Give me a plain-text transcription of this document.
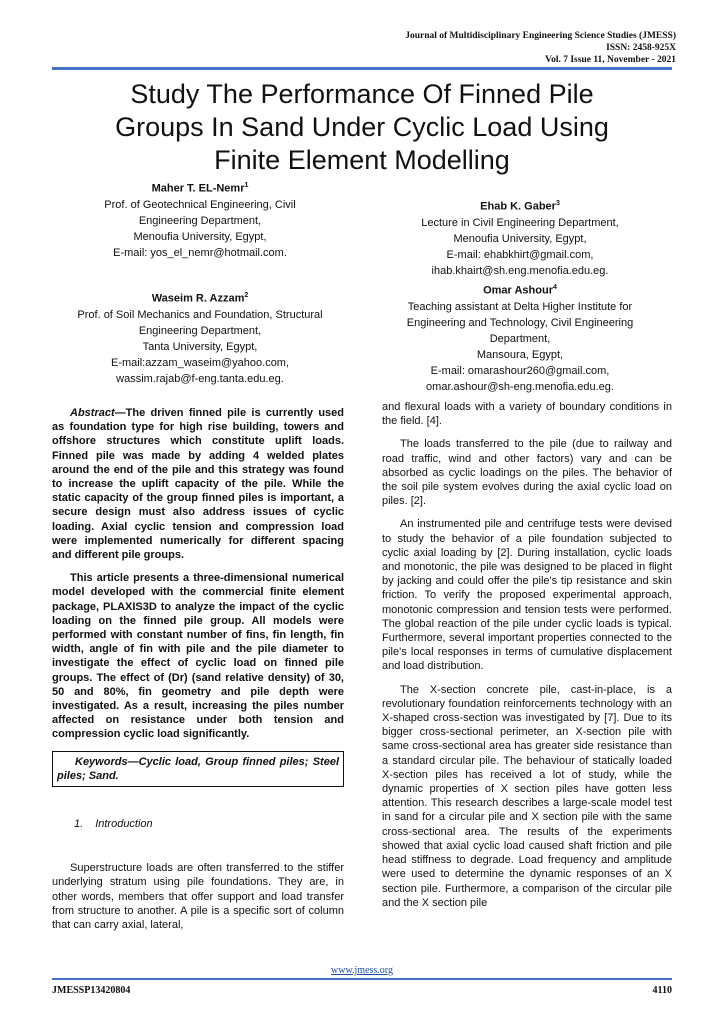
Journal of Multidisciplinary Engineering Science Studies (JMESS)
ISSN: 2458-925X
Vol. 7 Issue 11, November - 2021
Study The Performance Of Finned Pile
Groups In Sand Under Cyclic Load Using
Finite Element Modelling
Maher T. EL-Nemr$^1$
Prof. of Geotechnical Engineering, Civil
Engineering Department,
Menoufia University, Egypt,
E-mail: yos_el_nemr@hotmail.com.
Waseim R. Azzam$^2$
Prof. of Soil Mechanics and Foundation, Structural
Engineering Department,
Tanta University, Egypt,
E-mail:azzam_waseim@yahoo.com,
wassim.rajab@f-eng.tanta.edu.eg.
Ehab K. Gaber$^3$
Lecture in Civil Engineering Department,
Menoufia University, Egypt,
E-mail: ehabkhirt@gmail.com,
ihab.khairt@sh.eng.menofia.edu.eg.
Omar Ashour$^4$
Teaching assistant at Delta Higher Institute for
Engineering and Technology, Civil Engineering
Department,
Mansoura, Egypt,
E-mail: omarashour260@gmail.com,
omar.ashour@sh-eng.menofia.edu.eg.

Abstract—The driven finned pile is currently used as foundation type for high rise building, towers and offshore structures which constitute uplift loads. Finned pile was made by adding 4 welded plates around the end of the pile and this strategy was found to increase the uplift capacity of the pile. While the static capacity of the group finned piles is important, a secure design must also address issues of cyclic loading. Axial cyclic tension and compression load were implemented numerically for different spacing and different pile groups.

This article presents a three-dimensional numerical model developed with the commercial finite element package, PLAXIS3D to analyze the impact of the cyclic loading on the finned pile group. All models were performed with constant number of fins, fin length, fin width, angle of fin with pile and the pile diameter to investigate the effect of cyclic load on finned pile groups. The effect of (Dr) (sand relative density) of 30, 50 and 80%, fin geometry and pile depth were investigated. As a result, increasing the piles number affected on resistance under both tension and compression cyclic load significantly.

Keywords—Cyclic load, Group finned piles; Steel piles; Sand.
1. Introduction

Superstructure loads are often transferred to the stiffer underlying stratum using pile foundations. They are, in other words, members that offer support and load transfer from structure to another. A pile is a specific sort of column that can carry axial, lateral,

and flexural loads with a variety of boundary conditions in the field. [4].

The loads transferred to the pile (due to railway and road traffic, wind and other factors) vary and can be absorbed as cyclic loadings on the piles. The behavior of the soil pile system evolves during the axial cyclic load on piles. [2].

An instrumented pile and centrifuge tests were devised to study the behavior of a pile foundation subjected to cyclic axial loading by [2]. During installation, cyclic loads and monotonic, the pile was designed to be placed in flight by jacking and could offer the pile's tip resistance and skin friction. To verify the proposed experimental approach, monotonic compression and tension tests were performed. The global reaction of the pile under cyclic loads is typical. Furthermore, several important properties connected to the pile's local responses in terms of cumulative displacement and load distribution.

The X-section concrete pile, cast-in-place, is a revolutionary foundation reinforcements technology with an X-shaped cross-section was investigated by [7]. Due to its bigger cross-sectional perimeter, an X-section pile with same cross-sectional area has greater side resistance than a standard circular pile. The behaviour of statically loaded X-section piles has received a lot of study, while the dynamic properties of X section piles have gotten less attention. This research describes a large-scale model test in sand for a circular pile and X section pile with the same cross-sectional area. The results of the experiments showed that axial cyclic load caused shaft friction and pile head stiffness to degrade. Load frequency and amplitude were used to determine the dynamic responses of an X section pile. Furthermore, a comparison of the circular pile and the X section pile

www.jmess.org
JMESSP13420804	4110
